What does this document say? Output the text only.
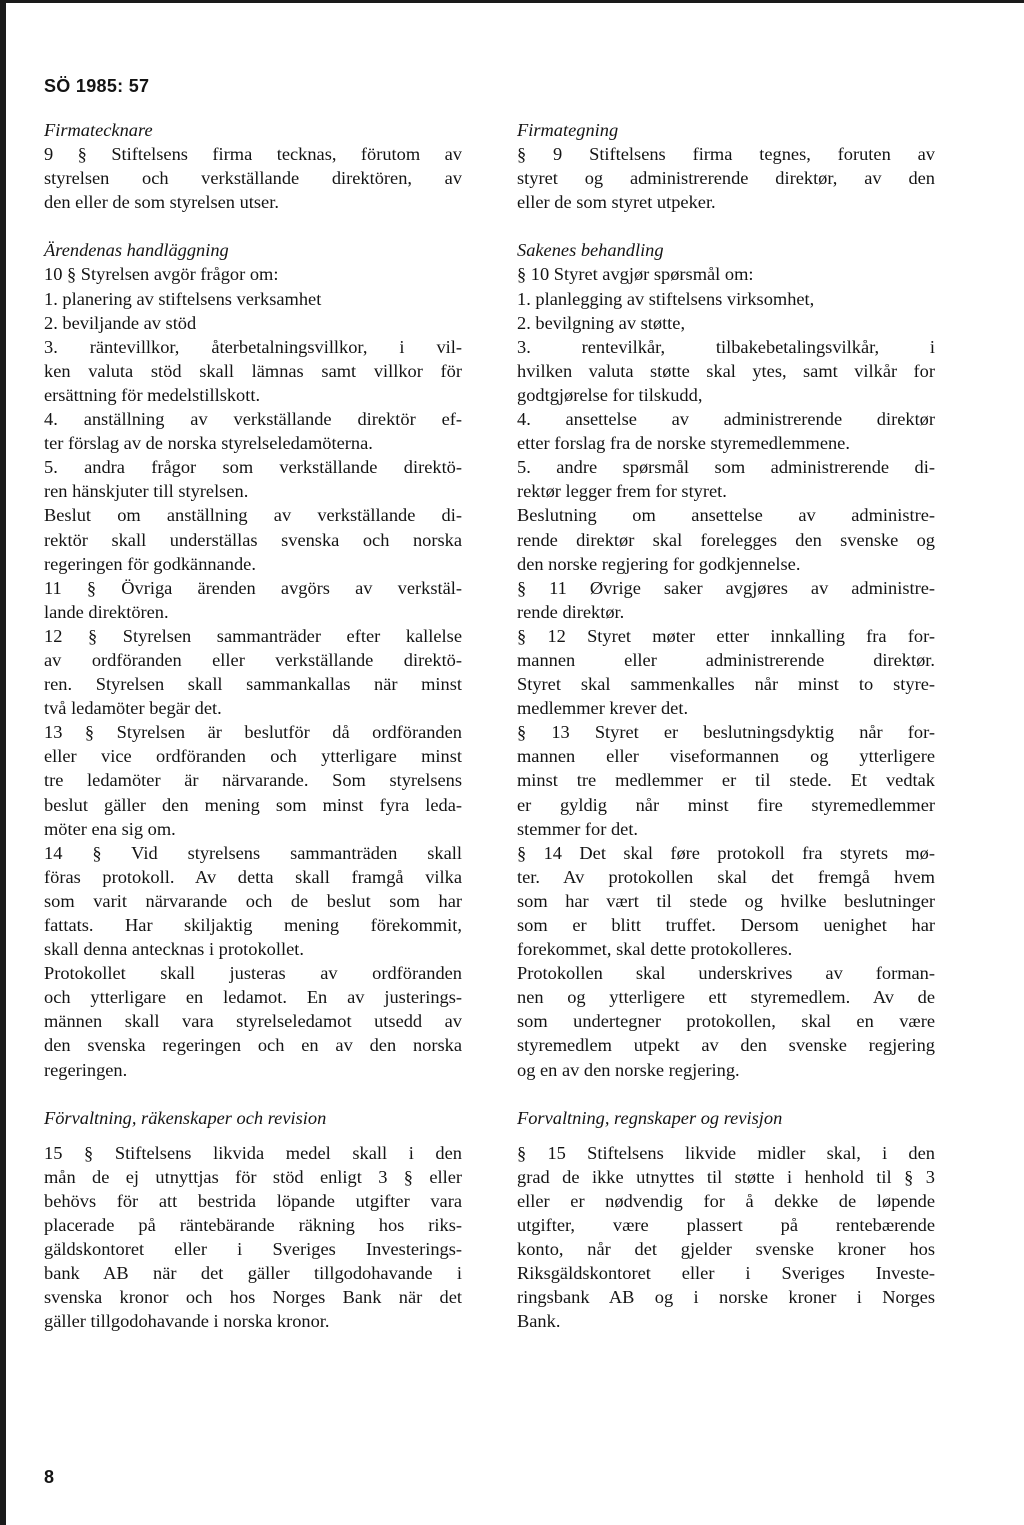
SÖ 1985: 57
Firmatecknare
9 § Stiftelsens firma tecknas, förutom av
styrelsen och verkställande direktören, av
den eller de som styrelsen utser.
Ärendenas handläggning
10 § Styrelsen avgör frågor om:
1. planering av stiftelsens verksamhet
2. beviljande av stöd
3. räntevillkor, återbetalningsvillkor, i vil-
ken valuta stöd skall lämnas samt villkor för
ersättning för medelstillskott.
4. anställning av verkställande direktör ef-
ter förslag av de norska styrelseledamöterna.
5. andra frågor som verkställande direktö-
ren hänskjuter till styrelsen.
Beslut om anställning av verkställande di-
rektör skall underställas svenska och norska
regeringen för godkännande.
11 § Övriga ärenden avgörs av verkstäl-
lande direktören.
12 § Styrelsen sammanträder efter kallelse
av ordföranden eller verkställande direktö-
ren. Styrelsen skall sammankallas när minst
två ledamöter begär det.
13 § Styrelsen är beslutför då ordföranden
eller vice ordföranden och ytterligare minst
tre ledamöter är närvarande. Som styrelsens
beslut gäller den mening som minst fyra leda-
möter ena sig om.
14 § Vid styrelsens sammanträden skall
föras protokoll. Av detta skall framgå vilka
som varit närvarande och de beslut som har
fattats. Har skiljaktig mening förekommit,
skall denna antecknas i protokollet.
Protokollet skall justeras av ordföranden
och ytterligare en ledamot. En av justerings-
männen skall vara styrelseledamot utsedd av
den svenska regeringen och en av den norska
regeringen.
Förvaltning, räkenskaper och revision
15 § Stiftelsens likvida medel skall i den
mån de ej utnyttjas för stöd enligt 3 § eller
behövs för att bestrida löpande utgifter vara
placerade på räntebärande räkning hos riks-
gäldskontoret eller i Sveriges Investerings-
bank AB när det gäller tillgodohavande i
svenska kronor och hos Norges Bank när det
gäller tillgodohavande i norska kronor.
Firmategning
§ 9 Stiftelsens firma tegnes, foruten av
styret og administrerende direktør, av den
eller de som styret utpeker.
Sakenes behandling
§ 10 Styret avgjør spørsmål om:
1. planlegging av stiftelsens virksomhet,
2. bevilgning av støtte,
3. rentevilkår, tilbakebetalingsvilkår, i
hvilken valuta støtte skal ytes, samt vilkår for
godtgjørelse for tilskudd,
4. ansettelse av administrerende direktør
etter forslag fra de norske styremedlemmene.
5. andre spørsmål som administrerende di-
rektør legger frem for styret.
Beslutning om ansettelse av administre-
rende direktør skal forelegges den svenske og
den norske regjering for godkjennelse.
§ 11 Øvrige saker avgjøres av administre-
rende direktør.
§ 12 Styret møter etter innkalling fra for-
mannen eller administrerende direktør.
Styret skal sammenkalles når minst to styre-
medlemmer krever det.
§ 13 Styret er beslutningsdyktig når for-
mannen eller viseformannen og ytterligere
minst tre medlemmer er til stede. Et vedtak
er gyldig når minst fire styremedlemmer
stemmer for det.
§ 14 Det skal føre protokoll fra styrets mø-
ter. Av protokollen skal det fremgå hvem
som har vært til stede og hvilke beslutninger
som er blitt truffet. Dersom uenighet har
forekommet, skal dette protokolleres.
Protokollen skal underskrives av forman-
nen og ytterligere ett styremedlem. Av de
som undertegner protokollen, skal en være
styremedlem utpekt av den svenske regjering
og en av den norske regjering.
Forvaltning, regnskaper og revisjon
§ 15 Stiftelsens likvide midler skal, i den
grad de ikke utnyttes til støtte i henhold til § 3
eller er nødvendig for å dekke de løpende
utgifter, være plassert på rentebærende
konto, når det gjelder svenske kroner hos
Riksgäldskontoret eller i Sveriges Investe-
ringsbank AB og i norske kroner i Norges
Bank.
8
